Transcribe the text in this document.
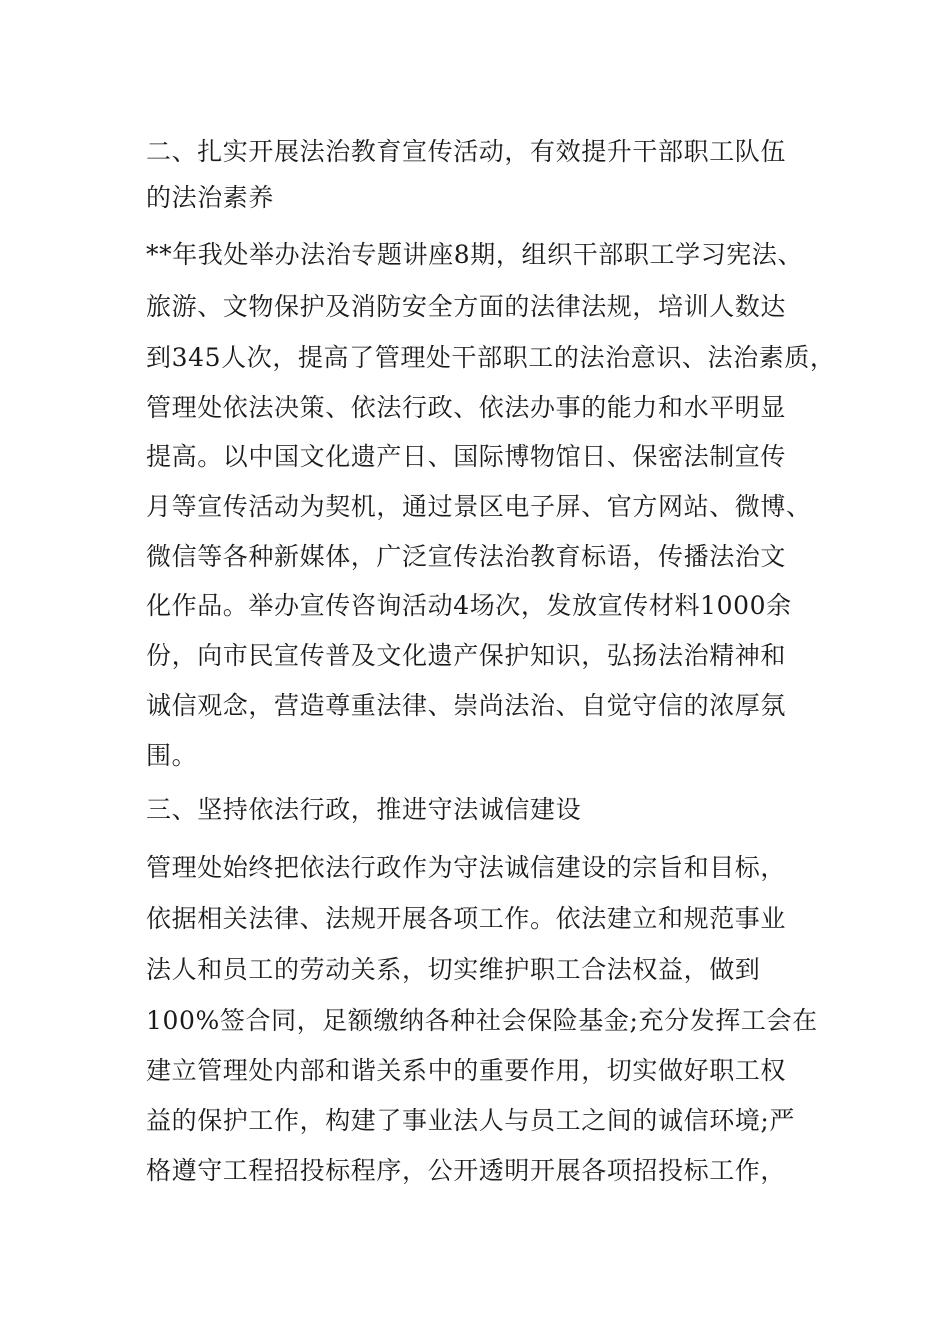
二、扎实开展法治教育宣传活动，有效提升干部职工队伍
的法治素养
**年我处举办法治专题讲座8期，组织干部职工学习宪法、
旅游、文物保护及消防安全方面的法律法规，培训人数达
到345人次，提高了管理处干部职工的法治意识、法治素质，
管理处依法决策、依法行政、依法办事的能力和水平明显
提高。以中国文化遗产日、国际博物馆日、保密法制宣传
月等宣传活动为契机，通过景区电子屏、官方网站、微博、
微信等各种新媒体，广泛宣传法治教育标语，传播法治文
化作品。举办宣传咨询活动4场次，发放宣传材料1000余
份，向市民宣传普及文化遗产保护知识，弘扬法治精神和
诚信观念，营造尊重法律、崇尚法治、自觉守信的浓厚氛
围。
三、坚持依法行政，推进守法诚信建设
管理处始终把依法行政作为守法诚信建设的宗旨和目标，
依据相关法律、法规开展各项工作。依法建立和规范事业
法人和员工的劳动关系，切实维护职工合法权益，做到
100%签合同，足额缴纳各种社会保险基金;充分发挥工会在
建立管理处内部和谐关系中的重要作用，切实做好职工权
益的保护工作，构建了事业法人与员工之间的诚信环境;严
格遵守工程招投标程序，公开透明开展各项招投标工作，
